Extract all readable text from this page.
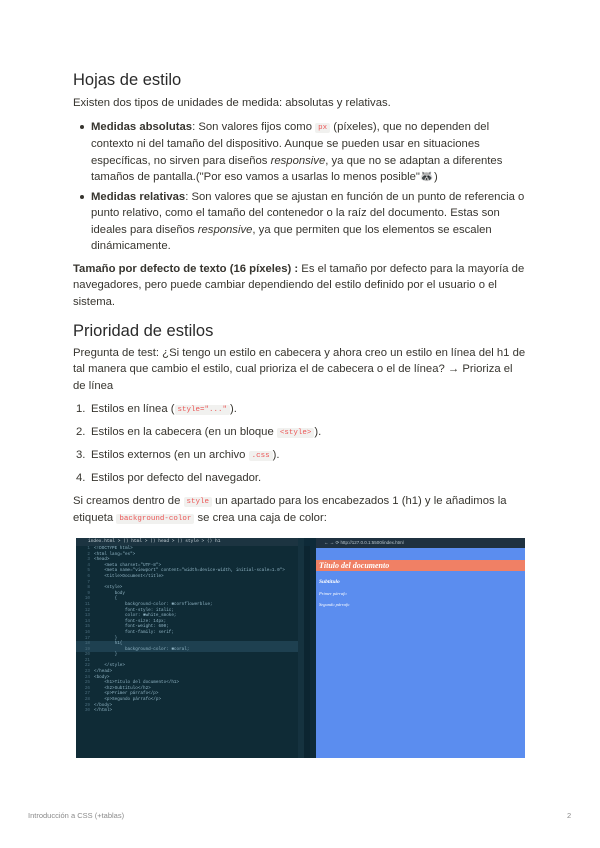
Hojas de estilo

Existen dos tipos de unidades de medida: absolutas y relativas.

Medidas absolutas: Son valores fijos como px (píxeles), que no dependen del contexto ni del tamaño del dispositivo. Aunque se pueden usar en situaciones específicas, no sirven para diseños responsive, ya que no se adaptan a diferentes tamaños de pantalla.("Por eso vamos a usarlas lo menos posible"🦝)

Medidas relativas: Son valores que se ajustan en función de un punto de referencia o punto relativo, como el tamaño del contenedor o la raíz del documento. Estas son ideales para diseños responsive, ya que permiten que los elementos se escalen dinámicamente.

Tamaño por defecto de texto (16 píxeles) : Es el tamaño por defecto para la mayoría de navegadores, pero puede cambiar dependiendo del estilo definido por el usuario o el sistema.

Prioridad de estilos

Pregunta de test: ¿Si tengo un estilo en cabecera y ahora creo un estilo en línea del h1 de tal manera que cambio el estilo, cual prioriza el de cabecera o el de línea? → Prioriza el de línea

1. Estilos en línea ( style="..." ).

2. Estilos en la cabecera (en un bloque <style> ).

3. Estilos externos (en un archivo .css ).

4. Estilos por defecto del navegador.

Si creamos dentro de style un apartado para los encabezados 1 (h1) y le añadimos la etiqueta background-color se crea una caja de color:

index.html > ⟨⟩ html > ⟨⟩ head > ⟨⟩ style > ⟨⟩ h1
1 <!DOCTYPE html>
2 <html lang="es">
3 <head>
4    <meta charset="UTF-8">
5    <meta name="viewport" content="width=device-width, initial-scale=1.0">
6    <title>Document</title>
7
8    <style>
9        body
10        {
11            background-color: ■cornflowerblue;
12            font-style: italic;
13            color: ■white_smoke;
14            font-size: 14px;
15            font-weight: 600;
16            font-family: serif;
17        }
18        h1{
19            background-color: ■coral;
20        }
21
22    </style>
23 </head>
24 <body>
25    <h1>Título del documento</h1>
26    <h2>Subtítulo</h2>
27    <p>Primer párrafo</p>
28    <p>Segundo párrafo</p>
29 </body>
30 </html>
← → ⟳ http://127.0.0.1:5500/index.html
Título del documento
Subtítulo
Primer párrafo
Segundo párrafo
Introducción a CSS (+tablas)	2
